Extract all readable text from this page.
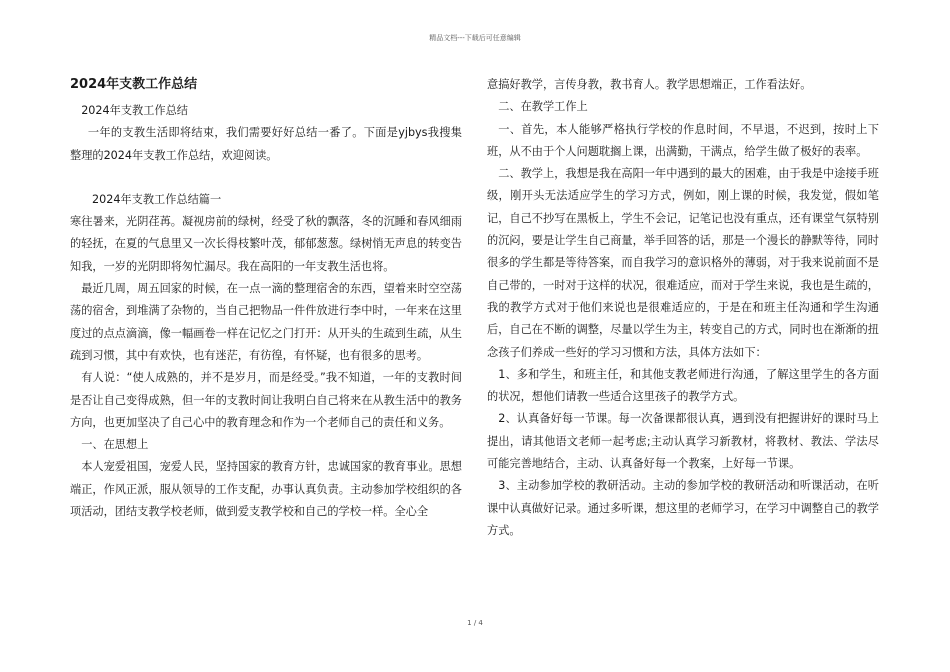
精品文档---下载后可任意编辑
2024年支教工作总结

2024年支教工作总结

一年的支教生活即将结束，我们需要好好总结一番了。下面是yjbys我搜集整理的2024年支教工作总结，欢迎阅读。

2024年支教工作总结篇一

寒往暑来，光阴荏苒。凝视房前的绿树，经受了秋的飘落，冬的沉睡和春风细雨的轻抚，在夏的气息里又一次长得枝繁叶茂，郁郁葱葱。绿树悄无声息的转变告知我，一岁的光阴即将匆忙漏尽。我在高阳的一年支教生活也将。

最近几周，周五回家的时候，在一点一滴的整理宿舍的东西，望着来时空空荡荡的宿舍，到堆满了杂物的，当自己把物品一件件放进行李中时，一年来在这里度过的点点滴滴，像一幅画卷一样在记忆之门打开：从开头的生疏到生疏，从生疏到习惯，其中有欢快，也有迷茫，有彷徨，有怀疑，也有很多的思考。

有人说：“使人成熟的，并不是岁月，而是经受。”我不知道，一年的支教时间是否让自己变得成熟，但一年的支教时间让我明白自己将来在从教生活中的教务方向，也更加坚决了自己心中的教育理念和作为一个老师自己的责任和义务。

一、在思想上

本人宠爱祖国，宠爱人民，坚持国家的教育方针，忠诚国家的教育事业。思想端正，作风正派，服从领导的工作支配，办事认真负责。主动参加学校组织的各项活动，团结支教学校老师，做到爱支教学校和自己的学校一样。全心全

意搞好教学，言传身教，教书育人。教学思想端正，工作看法好。

二、在教学工作上

一、首先，本人能够严格执行学校的作息时间，不早退，不迟到，按时上下班，从不由于个人问题耽搁上课，出满勤，干满点，给学生做了极好的表率。

二、教学上，我想是我在高阳一年中遇到的最大的困难，由于我是中途接手班级，刚开头无法适应学生的学习方式，例如，刚上课的时候，我发觉，假如笔记，自己不抄写在黑板上，学生不会记，记笔记也没有重点，还有课堂气氛特别 的沉闷，要是让学生自己商量，举手回答的话，那是一个漫长的静默等待，同时很多的学生都是等待答案，而自我学习的意识格外的薄弱，对于我来说前面不是自己带的，一时对于这样的状况，很难适应，而对于学生来说，我也是生疏的，我的教学方式对于他们来说也是很难适应的，于是在和班主任沟通和学生沟通后，自己在不断的调整，尽量以学生为主，转变自己的方式，同时也在渐渐的扭念孩子们养成一些好的学习习惯和方法，具体方法如下：

1、多和学生，和班主任，和其他支教老师进行沟通，了解这里学生的各方面的状况，想他们请教一些适合这里孩子的教学方式。

2、认真备好每一节课。每一次备课都很认真，遇到没有把握讲好的课时马上提出，请其他语文老师一起考虑;主动认真学习新教材，将教材、教法、学法尽可能完善地结合，主动、认真备好每一个教案，上好每一节课。

3、主动参加学校的教研活动。主动的参加学校的教研活动和听课活动，在听课中认真做好记录。通过多听课，想这里的老师学习，在学习中调整自己的教学方式。

1 / 4
